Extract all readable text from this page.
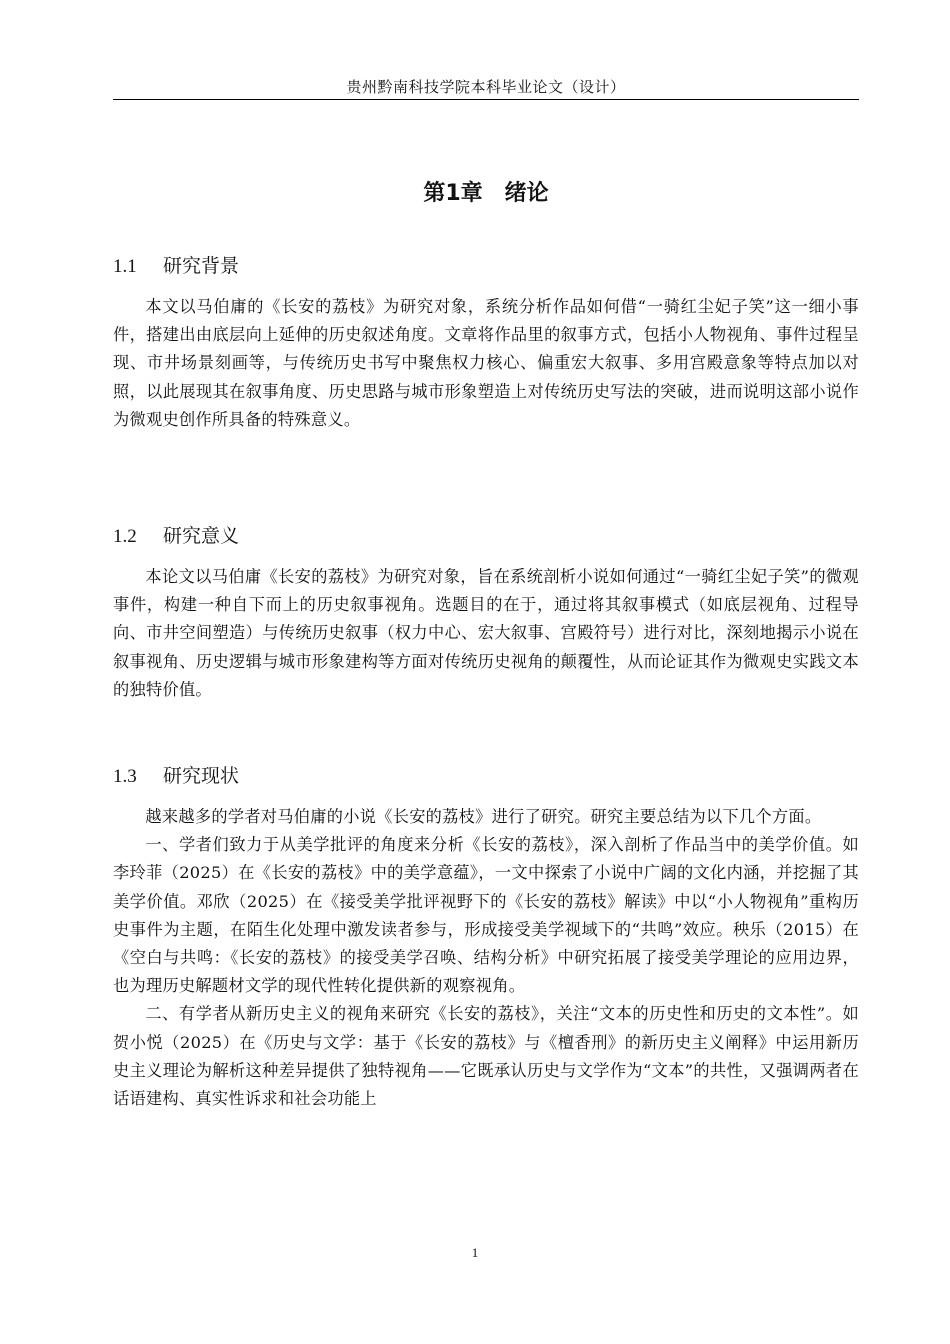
贵州黔南科技学院本科毕业论文（设计）
第1章　绪论
1.1 研究背景

本文以马伯庸的《长安的荔枝》为研究对象，系统分析作品如何借“一骑红尘妃子笑”这一细小事件，搭建出由底层向上延伸的历史叙述角度。文章将作品里的叙事方式，包括小人物视角、事件过程呈现、市井场景刻画等，与传统历史书写中聚焦权力核心、偏重宏大叙事、多用宫殿意象等特点加以对照，以此展现其在叙事角度、历史思路与城市形象塑造上对传统历史写法的突破，进而说明这部小说作为微观史创作所具备的特殊意义。

1.2 研究意义

本论文以马伯庸《长安的荔枝》为研究对象，旨在系统剖析小说如何通过“一骑红尘妃子笑”的微观事件，构建一种自下而上的历史叙事视角。选题目的在于，通过将其叙事模式（如底层视角、过程导向、市井空间塑造）与传统历史叙事（权力中心、宏大叙事、宫殿符号）进行对比，深刻地揭示小说在叙事视角、历史逻辑与城市形象建构等方面对传统历史视角的颠覆性，从而论证其作为微观史实践文本的独特价值。

1.3 研究现状

越来越多的学者对马伯庸的小说《长安的荔枝》进行了研究。研究主要总结为以下几个方面。

一、学者们致力于从美学批评的角度来分析《长安的荔枝》，深入剖析了作品当中的美学价值。如李玲菲（2025）在《长安的荔枝》中的美学意蕴》，一文中探索了小说中广阔的文化内涵，并挖掘了其美学价值。邓欣（2025）在《接受美学批评视野下的《长安的荔枝》解读》中以“小人物视角”重构历史事件为主题，在陌生化处理中激发读者参与，形成接受美学视域下的“共鸣”效应。秧乐（2015）在《空白与共鸣：《长安的荔枝》的接受美学召唤、结构分析》中研究拓展了接受美学理论的应用边界，也为理历史解题材文学的现代性转化提供新的观察视角。

二、有学者从新历史主义的视角来研究《长安的荔枝》，关注“文本的历史性和历史的文本性”。如贺小悦（2025）在《历史与文学：基于《长安的荔枝》与《檀香刑》的新历史主义阐释》中运用新历史主义理论为解析这种差异提供了独特视角——它既承认历史与文学作为“文本”的共性，又强调两者在话语建构、真实性诉求和社会功能上

1
